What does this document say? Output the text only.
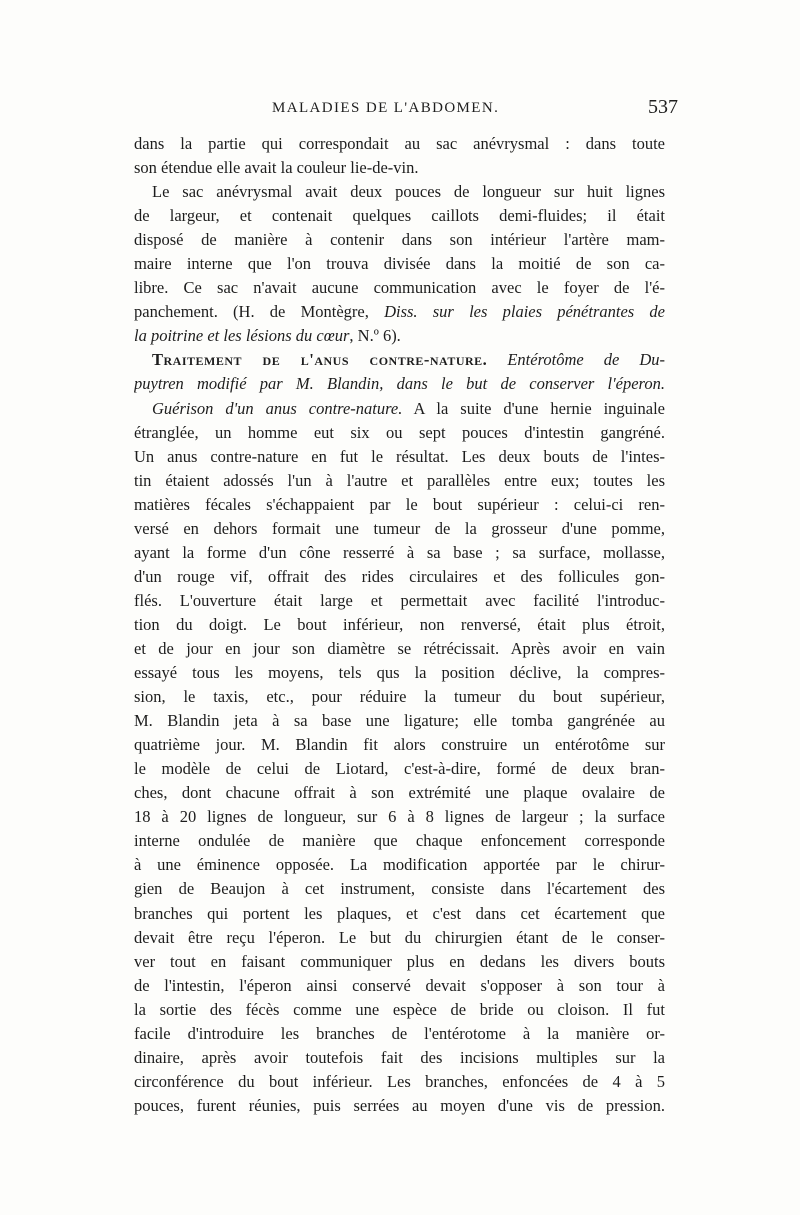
MALADIES DE L'ABDOMEN.	537
dans la partie qui correspondait au sac anévrysmal : dans toute
son étendue elle avait la couleur lie-de-vin.
Le sac anévrysmal avait deux pouces de longueur sur huit lignes
de largeur, et contenait quelques caillots demi-fluides; il était
disposé de manière à contenir dans son intérieur l'artère mam-
maire interne que l'on trouva divisée dans la moitié de son ca-
libre. Ce sac n'avait aucune communication avec le foyer de l'é-
panchement. (H. de Montègre, Diss. sur les plaies pénétrantes de
la poitrine et les lésions du cœur, N.º 6).
Traitement de l'anus contre-nature. Entérotôme de Du-
puytren modifié par M. Blandin, dans le but de conserver l'éperon.
Guérison d'un anus contre-nature. A la suite d'une hernie inguinale
étranglée, un homme eut six ou sept pouces d'intestin gangréné.
Un anus contre-nature en fut le résultat. Les deux bouts de l'intes-
tin étaient adossés l'un à l'autre et parallèles entre eux; toutes les
matières fécales s'échappaient par le bout supérieur : celui-ci ren-
versé en dehors formait une tumeur de la grosseur d'une pomme,
ayant la forme d'un cône resserré à sa base ; sa surface, mollasse,
d'un rouge vif, offrait des rides circulaires et des follicules gon-
flés. L'ouverture était large et permettait avec facilité l'introduc-
tion du doigt. Le bout inférieur, non renversé, était plus étroit,
et de jour en jour son diamètre se rétrécissait. Après avoir en vain
essayé tous les moyens, tels qus la position déclive, la compres-
sion, le taxis, etc., pour réduire la tumeur du bout supérieur,
M. Blandin jeta à sa base une ligature; elle tomba gangrénée au
quatrième jour. M. Blandin fit alors construire un entérotôme sur
le modèle de celui de Liotard, c'est-à-dire, formé de deux bran-
ches, dont chacune offrait à son extrémité une plaque ovalaire de
18 à 20 lignes de longueur, sur 6 à 8 lignes de largeur ; la surface
interne ondulée de manière que chaque enfoncement corresponde
à une éminence opposée. La modification apportée par le chirur-
gien de Beaujon à cet instrument, consiste dans l'écartement des
branches qui portent les plaques, et c'est dans cet écartement que
devait être reçu l'éperon. Le but du chirurgien étant de le conser-
ver tout en faisant communiquer plus en dedans les divers bouts
de l'intestin, l'éperon ainsi conservé devait s'opposer à son tour à
la sortie des fécès comme une espèce de bride ou cloison. Il fut
facile d'introduire les branches de l'entérotome à la manière or-
dinaire, après avoir toutefois fait des incisions multiples sur la
circonférence du bout inférieur. Les branches, enfoncées de 4 à 5
pouces, furent réunies, puis serrées au moyen d'une vis de pression.
